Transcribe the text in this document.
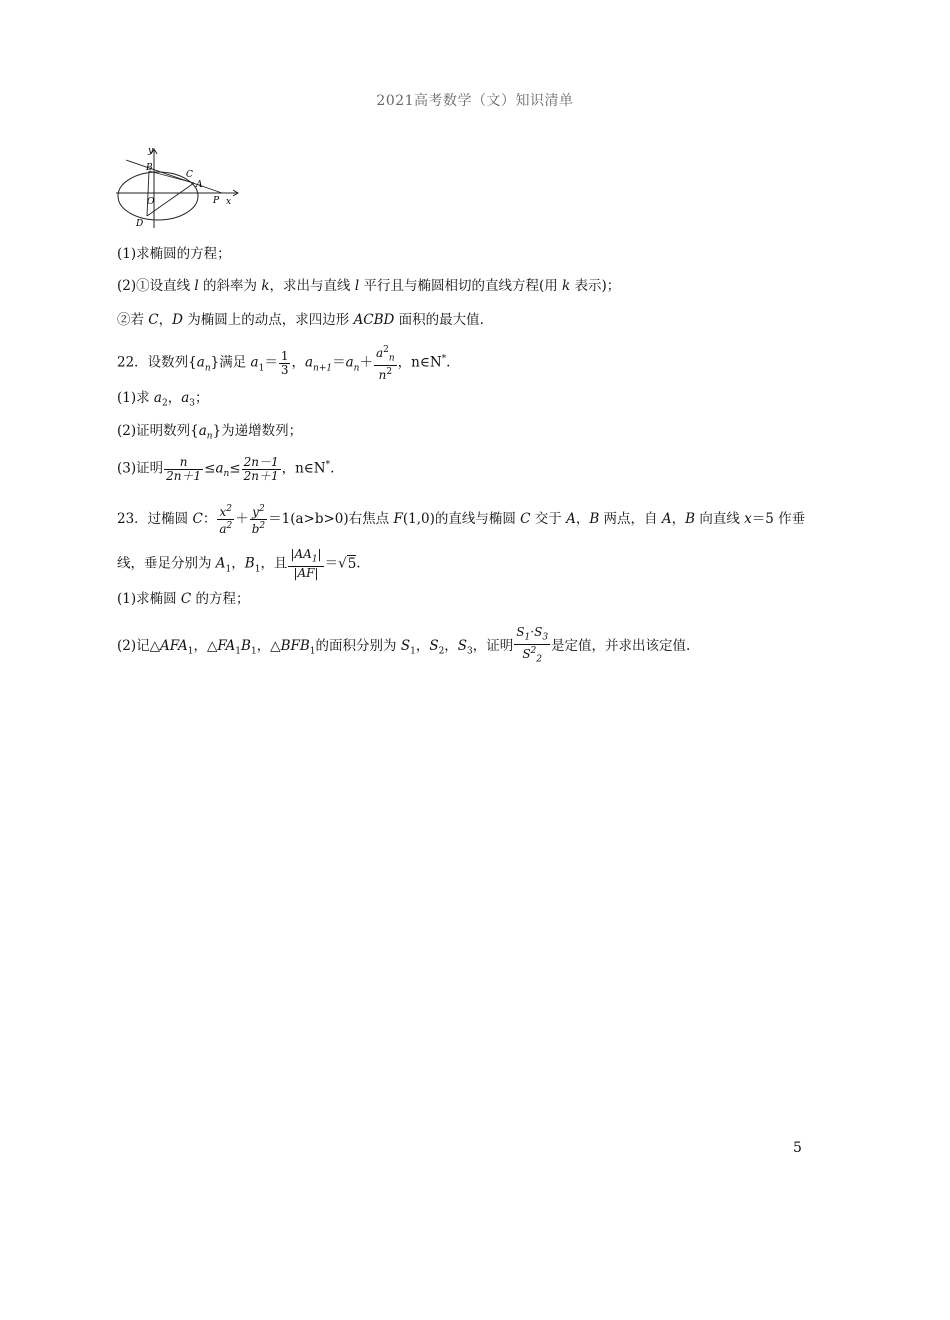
2021高考数学（文）知识清单
y
x
B
C
A
O	P
D
(1)求椭圆的方程；
(2)①设直线 l 的斜率为 k，求出与直线 l 平行且与椭圆相切的直线方程(用 k 表示)；
②若 C，D 为椭圆上的动点，求四边形 ACBD 面积的最大值.
22．设数列$\{a_n\}$满足 $a_1= \frac{1}{3}$ ，$a_{n+1}=a_n+ \frac{a^2_n}{n^2}$ ，n∈N*.
(1)求 $a_2$，$a_3$；
(2)证明数列$\{a_n\}$为递增数列；
(3)证明 $\frac{n}{2n+1} \le a_n\le \frac{2n-1}{2n+1}$ ，n∈N*.
23．过椭圆 C： $\frac{x^2}{a^2} + \frac{y^2}{b^2} =1(a>b>0)$右焦点 F(1,0)的直线与椭圆 C 交于 A，B 两点，自 A，B 向直线 x＝5 作垂
线，垂足分别为 $A_1$，$B_1$，且 $\frac{|AA_1|}{|AF|} =√5$.
(1)求椭圆 C 的方程；
(2)记$\triangle AFA_1$，$\triangle FA_1B_1$，$\triangle BFB_1$的面积分别为 $S_1$，$S_2$，$S_3$，证明 $\frac{S_1\cdot S_3}{S^2_2}$ 是定值，并求出该定值.
5
